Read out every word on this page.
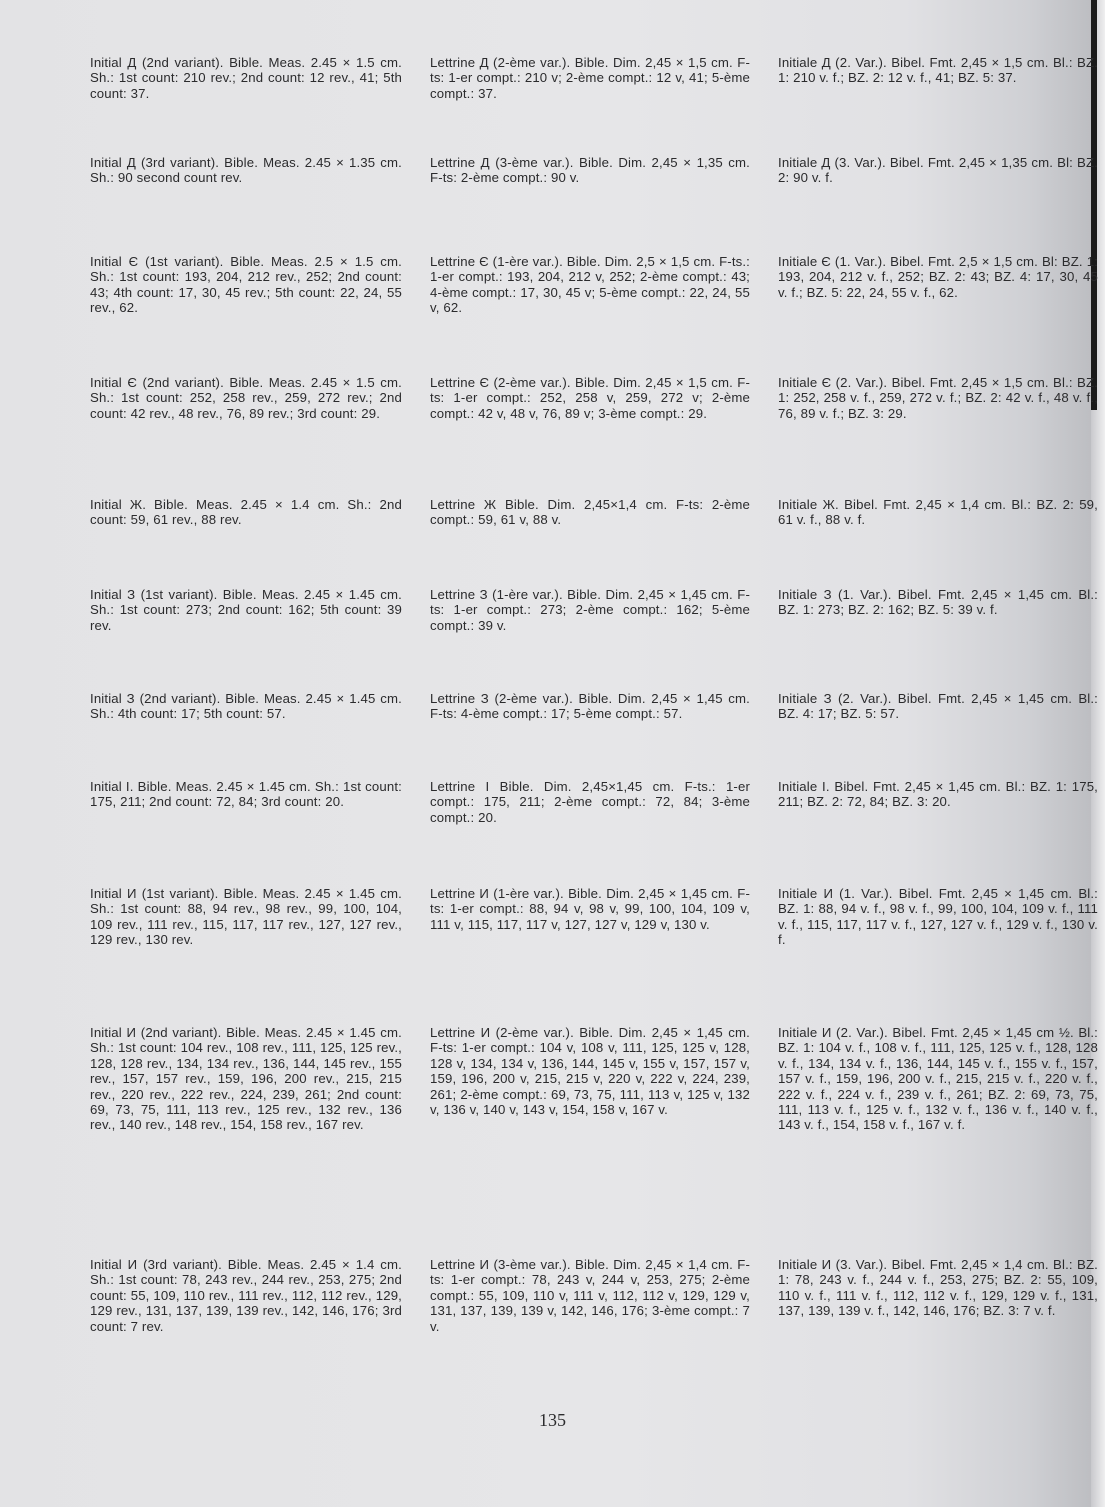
Initial Д (2nd variant). Bible. Meas. 2.45 × 1.5 cm. Sh.: 1st count: 210 rev.; 2nd count: 12 rev., 41; 5th count: 37.
Lettrine Д (2-ème var.). Bible. Dim. 2,45 × 1,5 cm. F-ts: 1-er compt.: 210 v; 2-ème compt.: 12 v, 41; 5-ème compt.: 37.
Initiale Д (2. Var.). Bibel. Fmt. 2,45 × 1,5 cm. Bl.: BZ. 1: 210 v. f.; BZ. 2: 12 v. f., 41; BZ. 5: 37.
Initial Д (3rd variant). Bible. Meas. 2.45 × 1.35 cm. Sh.: 90 second count rev.
Lettrine Д (3-ème var.). Bible. Dim. 2,45 × 1,35 cm. F-ts: 2-ème compt.: 90 v.
Initiale Д (3. Var.). Bibel. Fmt. 2,45 × 1,35 cm. Bl: BZ. 2: 90 v. f.
Initial Є (1st variant). Bible. Meas. 2.5 × 1.5 cm. Sh.: 1st count: 193, 204, 212 rev., 252; 2nd count: 43; 4th count: 17, 30, 45 rev.; 5th count: 22, 24, 55 rev., 62.
Lettrine Є (1-ère var.). Bible. Dim. 2,5 × 1,5 cm. F-ts.: 1-er compt.: 193, 204, 212 v, 252; 2-ème compt.: 43; 4-ème compt.: 17, 30, 45 v; 5-ème compt.: 22, 24, 55 v, 62.
Initiale Є (1. Var.). Bibel. Fmt. 2,5 × 1,5 cm. Bl: BZ. 1: 193, 204, 212 v. f., 252; BZ. 2: 43; BZ. 4: 17, 30, 45 v. f.; BZ. 5: 22, 24, 55 v. f., 62.
Initial Є (2nd variant). Bible. Meas. 2.45 × 1.5 cm. Sh.: 1st count: 252, 258 rev., 259, 272 rev.; 2nd count: 42 rev., 48 rev., 76, 89 rev.; 3rd count: 29.
Lettrine Є (2-ème var.). Bible. Dim. 2,45 × 1,5 cm. F-ts: 1-er compt.: 252, 258 v, 259, 272 v; 2-ème compt.: 42 v, 48 v, 76, 89 v; 3-ème compt.: 29.
Initiale Є (2. Var.). Bibel. Fmt. 2,45 × 1,5 cm. Bl.: BZ. 1: 252, 258 v. f., 259, 272 v. f.; BZ. 2: 42 v. f., 48 v. f., 76, 89 v. f.; BZ. 3: 29.
Initial Ж. Bible. Meas. 2.45 × 1.4 cm. Sh.: 2nd count: 59, 61 rev., 88 rev.
Lettrine Ж Bible. Dim. 2,45×1,4 cm. F-ts: 2-ème compt.: 59, 61 v, 88 v.
Initiale Ж. Bibel. Fmt. 2,45 × 1,4 cm. Bl.: BZ. 2: 59, 61 v. f., 88 v. f.
Initial З (1st variant). Bible. Meas. 2.45 × 1.45 cm. Sh.: 1st count: 273; 2nd count: 162; 5th count: 39 rev.
Lettrine З (1-ère var.). Bible. Dim. 2,45 × 1,45 cm. F-ts: 1-er compt.: 273; 2-ème compt.: 162; 5-ème compt.: 39 v.
Initiale З (1. Var.). Bibel. Fmt. 2,45 × 1,45 cm. Bl.: BZ. 1: 273; BZ. 2: 162; BZ. 5: 39 v. f.
Initial З (2nd variant). Bible. Meas. 2.45 × 1.45 cm. Sh.: 4th count: 17; 5th count: 57.
Lettrine З (2-ème var.). Bible. Dim. 2,45 × 1,45 cm. F-ts: 4-ème compt.: 17; 5-ème compt.: 57.
Initiale З (2. Var.). Bibel. Fmt. 2,45 × 1,45 cm. Bl.: BZ. 4: 17; BZ. 5: 57.
Initial I. Bible. Meas. 2.45 × 1.45 cm. Sh.: 1st count: 175, 211; 2nd count: 72, 84; 3rd count: 20.
Lettrine I Bible. Dim. 2,45×1,45 cm. F-ts.: 1-er compt.: 175, 211; 2-ème compt.: 72, 84; 3-ème compt.: 20.
Initiale I. Bibel. Fmt. 2,45 × 1,45 cm. Bl.: BZ. 1: 175, 211; BZ. 2: 72, 84; BZ. 3: 20.
Initial И (1st variant). Bible. Meas. 2.45 × 1.45 cm. Sh.: 1st count: 88, 94 rev., 98 rev., 99, 100, 104, 109 rev., 111 rev., 115, 117, 117 rev., 127, 127 rev., 129 rev., 130 rev.
Lettrine И (1-ère var.). Bible. Dim. 2,45 × 1,45 cm. F-ts: 1-er compt.: 88, 94 v, 98 v, 99, 100, 104, 109 v, 111 v, 115, 117, 117 v, 127, 127 v, 129 v, 130 v.
Initiale И (1. Var.). Bibel. Fmt. 2,45 × 1,45 cm. Bl.: BZ. 1: 88, 94 v. f., 98 v. f., 99, 100, 104, 109 v. f., 111 v. f., 115, 117, 117 v. f., 127, 127 v. f., 129 v. f., 130 v. f.
Initial И (2nd variant). Bible. Meas. 2.45 × 1.45 cm. Sh.: 1st count: 104 rev., 108 rev., 111, 125, 125 rev., 128, 128 rev., 134, 134 rev., 136, 144, 145 rev., 155 rev., 157, 157 rev., 159, 196, 200 rev., 215, 215 rev., 220 rev., 222 rev., 224, 239, 261; 2nd count: 69, 73, 75, 111, 113 rev., 125 rev., 132 rev., 136 rev., 140 rev., 148 rev., 154, 158 rev., 167 rev.
Lettrine И (2-ème var.). Bible. Dim. 2,45 × 1,45 cm. F-ts: 1-er compt.: 104 v, 108 v, 111, 125, 125 v, 128, 128 v, 134, 134 v, 136, 144, 145 v, 155 v, 157, 157 v, 159, 196, 200 v, 215, 215 v, 220 v, 222 v, 224, 239, 261; 2-ème compt.: 69, 73, 75, 111, 113 v, 125 v, 132 v, 136 v, 140 v, 143 v, 154, 158 v, 167 v.
Initiale И (2. Var.). Bibel. Fmt. 2,45 × 1,45 cm ½. Bl.: BZ. 1: 104 v. f., 108 v. f., 111, 125, 125 v. f., 128, 128 v. f., 134, 134 v. f., 136, 144, 145 v. f., 155 v. f., 157, 157 v. f., 159, 196, 200 v. f., 215, 215 v. f., 220 v. f., 222 v. f., 224 v. f., 239 v. f., 261; BZ. 2: 69, 73, 75, 111, 113 v. f., 125 v. f., 132 v. f., 136 v. f., 140 v. f., 143 v. f., 154, 158 v. f., 167 v. f.
Initial И (3rd variant). Bible. Meas. 2.45 × 1.4 cm. Sh.: 1st count: 78, 243 rev., 244 rev., 253, 275; 2nd count: 55, 109, 110 rev., 111 rev., 112, 112 rev., 129, 129 rev., 131, 137, 139, 139 rev., 142, 146, 176; 3rd count: 7 rev.
Lettrine И (3-ème var.). Bible. Dim. 2,45 × 1,4 cm. F-ts: 1-er compt.: 78, 243 v, 244 v, 253, 275; 2-ème compt.: 55, 109, 110 v, 111 v, 112, 112 v, 129, 129 v, 131, 137, 139, 139 v, 142, 146, 176; 3-ème compt.: 7 v.
Initiale И (3. Var.). Bibel. Fmt. 2,45 × 1,4 cm. Bl.: BZ. 1: 78, 243 v. f., 244 v. f., 253, 275; BZ. 2: 55, 109, 110 v. f., 111 v. f., 112, 112 v. f., 129, 129 v. f., 131, 137, 139, 139 v. f., 142, 146, 176; BZ. 3: 7 v. f.
135
